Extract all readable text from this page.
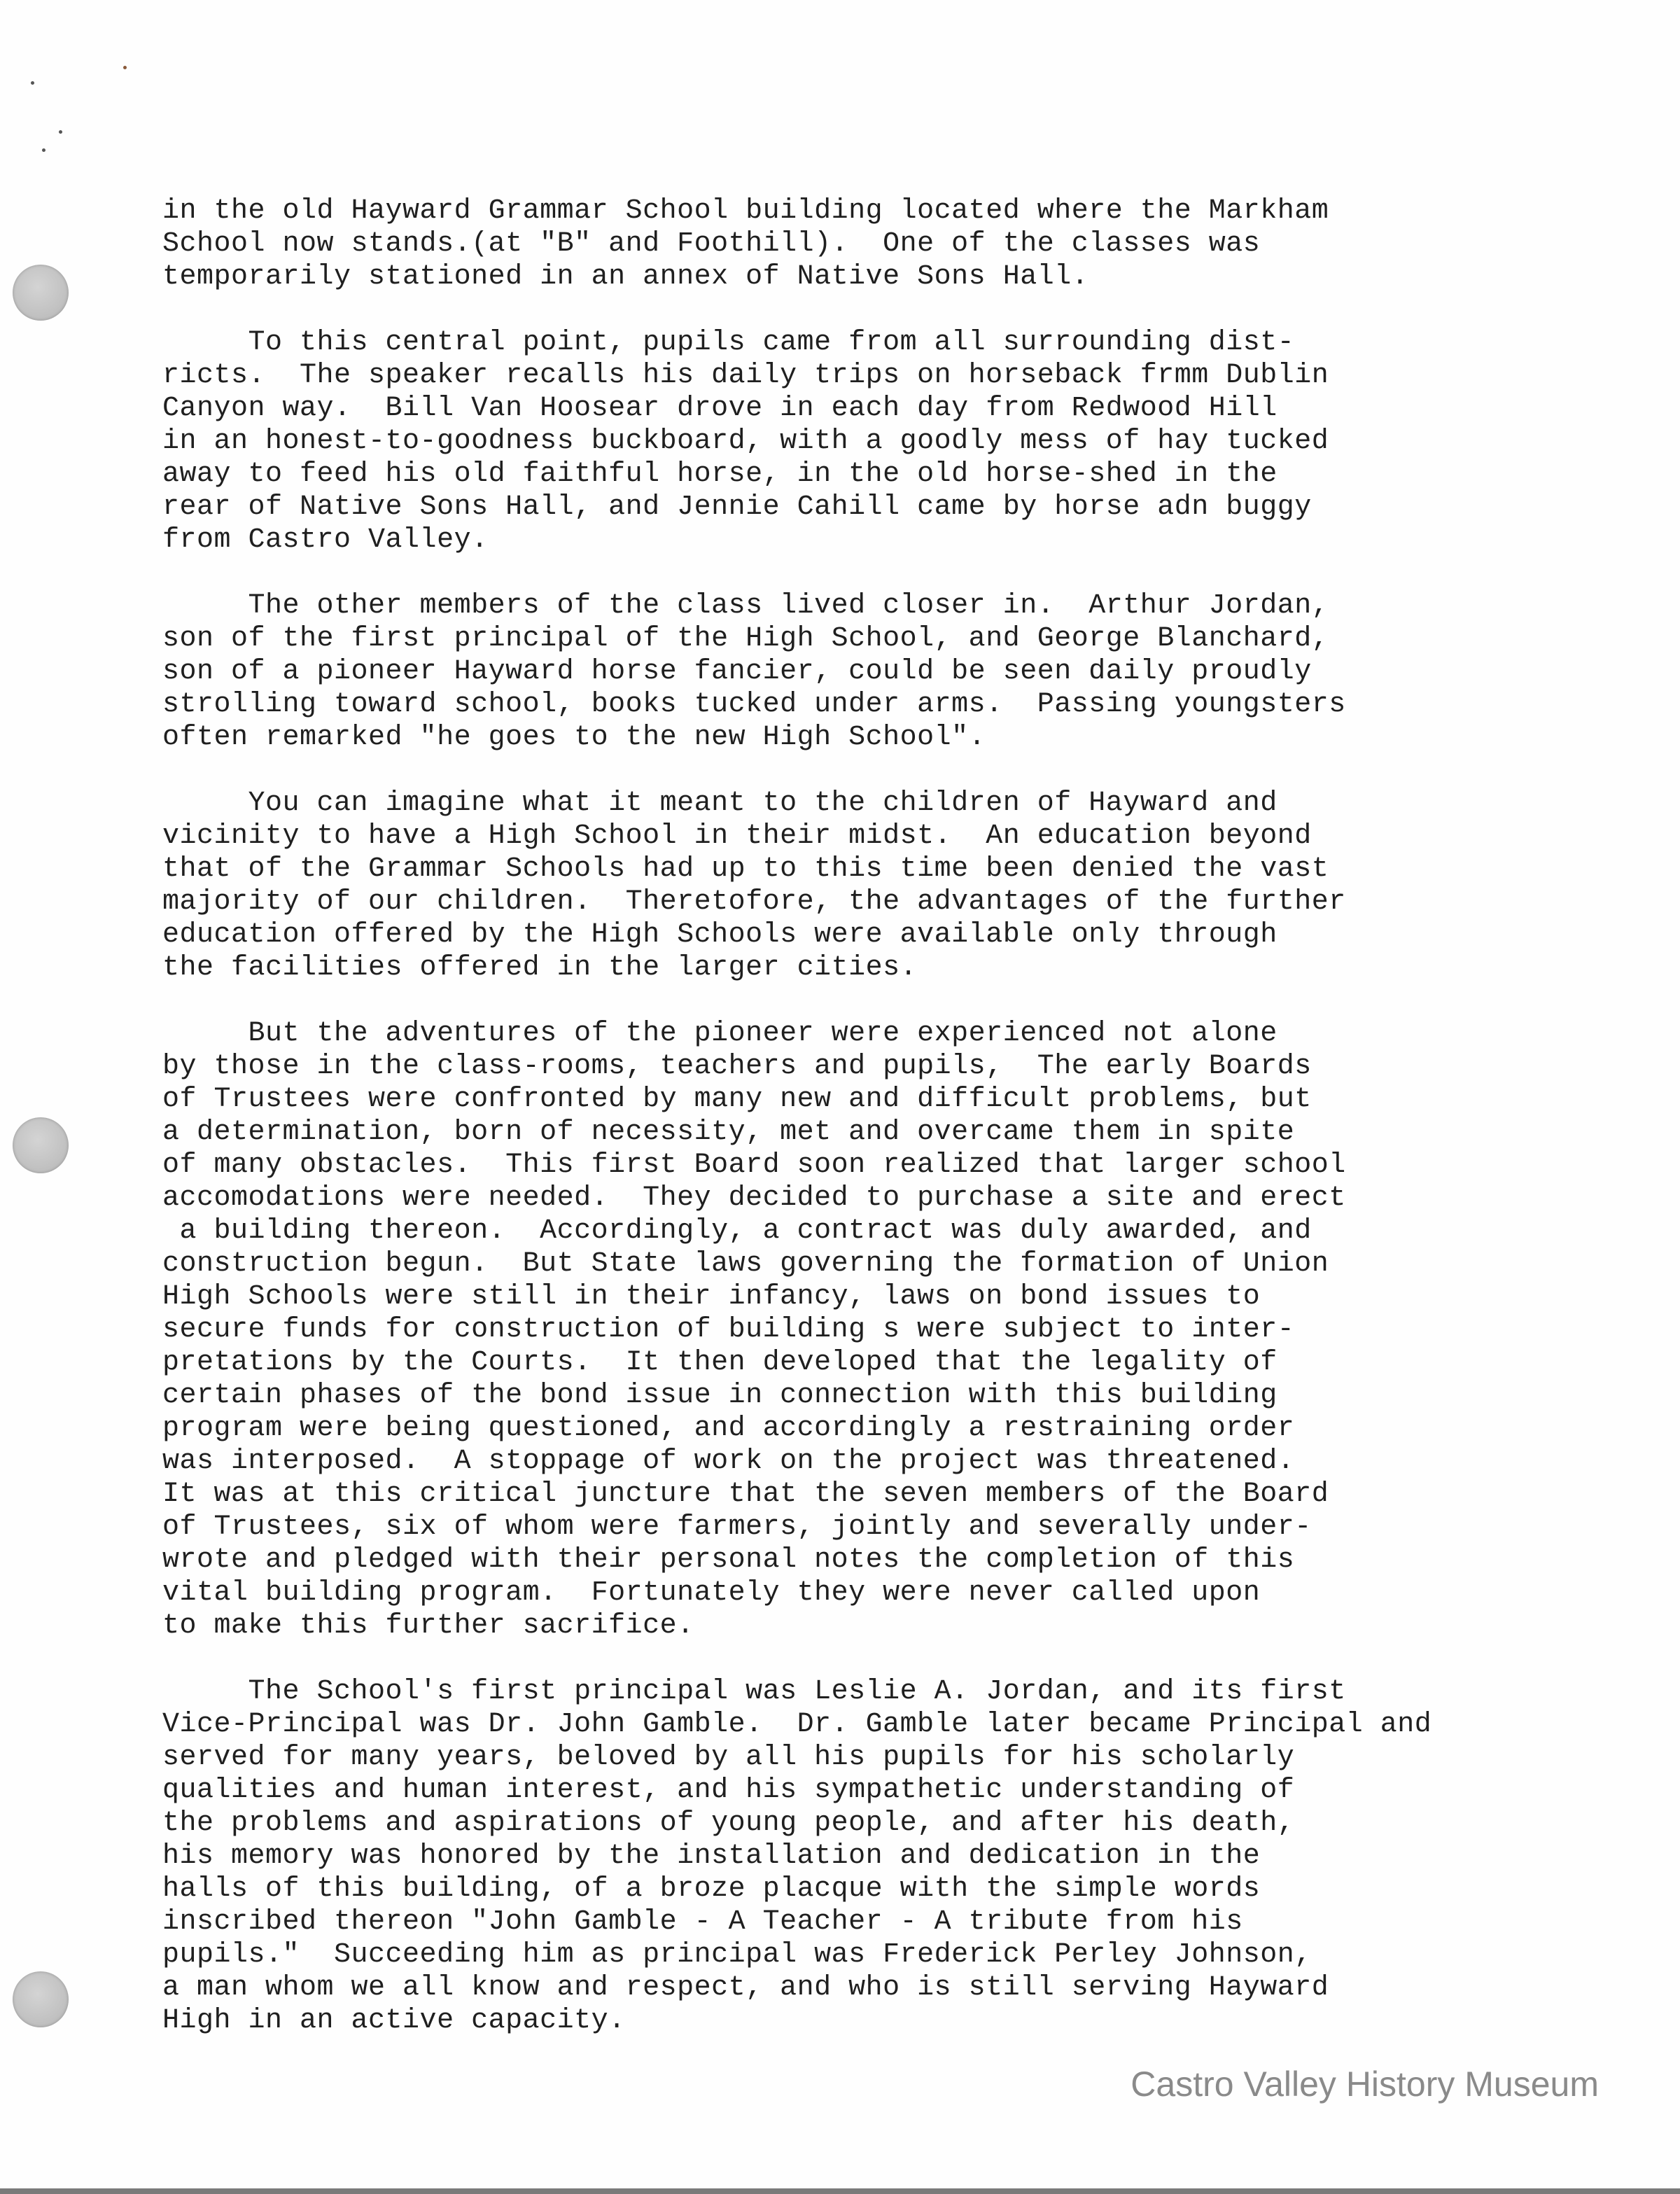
in the old Hayward Grammar School building located where the Markham
School now stands.(at "B" and Foothill).  One of the classes was
temporarily stationed in an annex of Native Sons Hall.
To this central point, pupils came from all surrounding dist-
ricts.  The speaker recalls his daily trips on horseback frmm Dublin
Canyon way.  Bill Van Hoosear drove in each day from Redwood Hill
in an honest-to-goodness buckboard, with a goodly mess of hay tucked
away to feed his old faithful horse, in the old horse-shed in the
rear of Native Sons Hall, and Jennie Cahill came by horse adn buggy
from Castro Valley.
The other members of the class lived closer in.  Arthur Jordan,
son of the first principal of the High School, and George Blanchard,
son of a pioneer Hayward horse fancier, could be seen daily proudly
strolling toward school, books tucked under arms.  Passing youngsters
often remarked "he goes to the new High School".
You can imagine what it meant to the children of Hayward and
vicinity to have a High School in their midst.  An education beyond
that of the Grammar Schools had up to this time been denied the vast
majority of our children.  Theretofore, the advantages of the further
education offered by the High Schools were available only through
the facilities offered in the larger cities.
But the adventures of the pioneer were experienced not alone
by those in the class-rooms, teachers and pupils,  The early Boards
of Trustees were confronted by many new and difficult problems, but
a determination, born of necessity, met and overcame them in spite
of many obstacles.  This first Board soon realized that larger school
accomodations were needed.  They decided to purchase a site and erect
a building thereon.  Accordingly, a contract was duly awarded, and
construction begun.  But State laws governing the formation of Union
High Schools were still in their infancy, laws on bond issues to
secure funds for construction of building s were subject to inter-
pretations by the Courts.  It then developed that the legality of
certain phases of the bond issue in connection with this building
program were being questioned, and accordingly a restraining order
was interposed.  A stoppage of work on the project was threatened.
It was at this critical juncture that the seven members of the Board
of Trustees, six of whom were farmers, jointly and severally under-
wrote and pledged with their personal notes the completion of this
vital building program.  Fortunately they were never called upon
to make this further sacrifice.
The School's first principal was Leslie A. Jordan, and its first
Vice-Principal was Dr. John Gamble.  Dr. Gamble later became Principal and
served for many years, beloved by all his pupils for his scholarly
qualities and human interest, and his sympathetic understanding of
the problems and aspirations of young people, and after his death,
his memory was honored by the installation and dedication in the
halls of this building, of a broze placque with the simple words
inscribed thereon "John Gamble - A Teacher - A tribute from his
pupils."  Succeeding him as principal was Frederick Perley Johnson,
a man whom we all know and respect, and who is still serving Hayward
High in an active capacity.
Castro Valley History Museum
